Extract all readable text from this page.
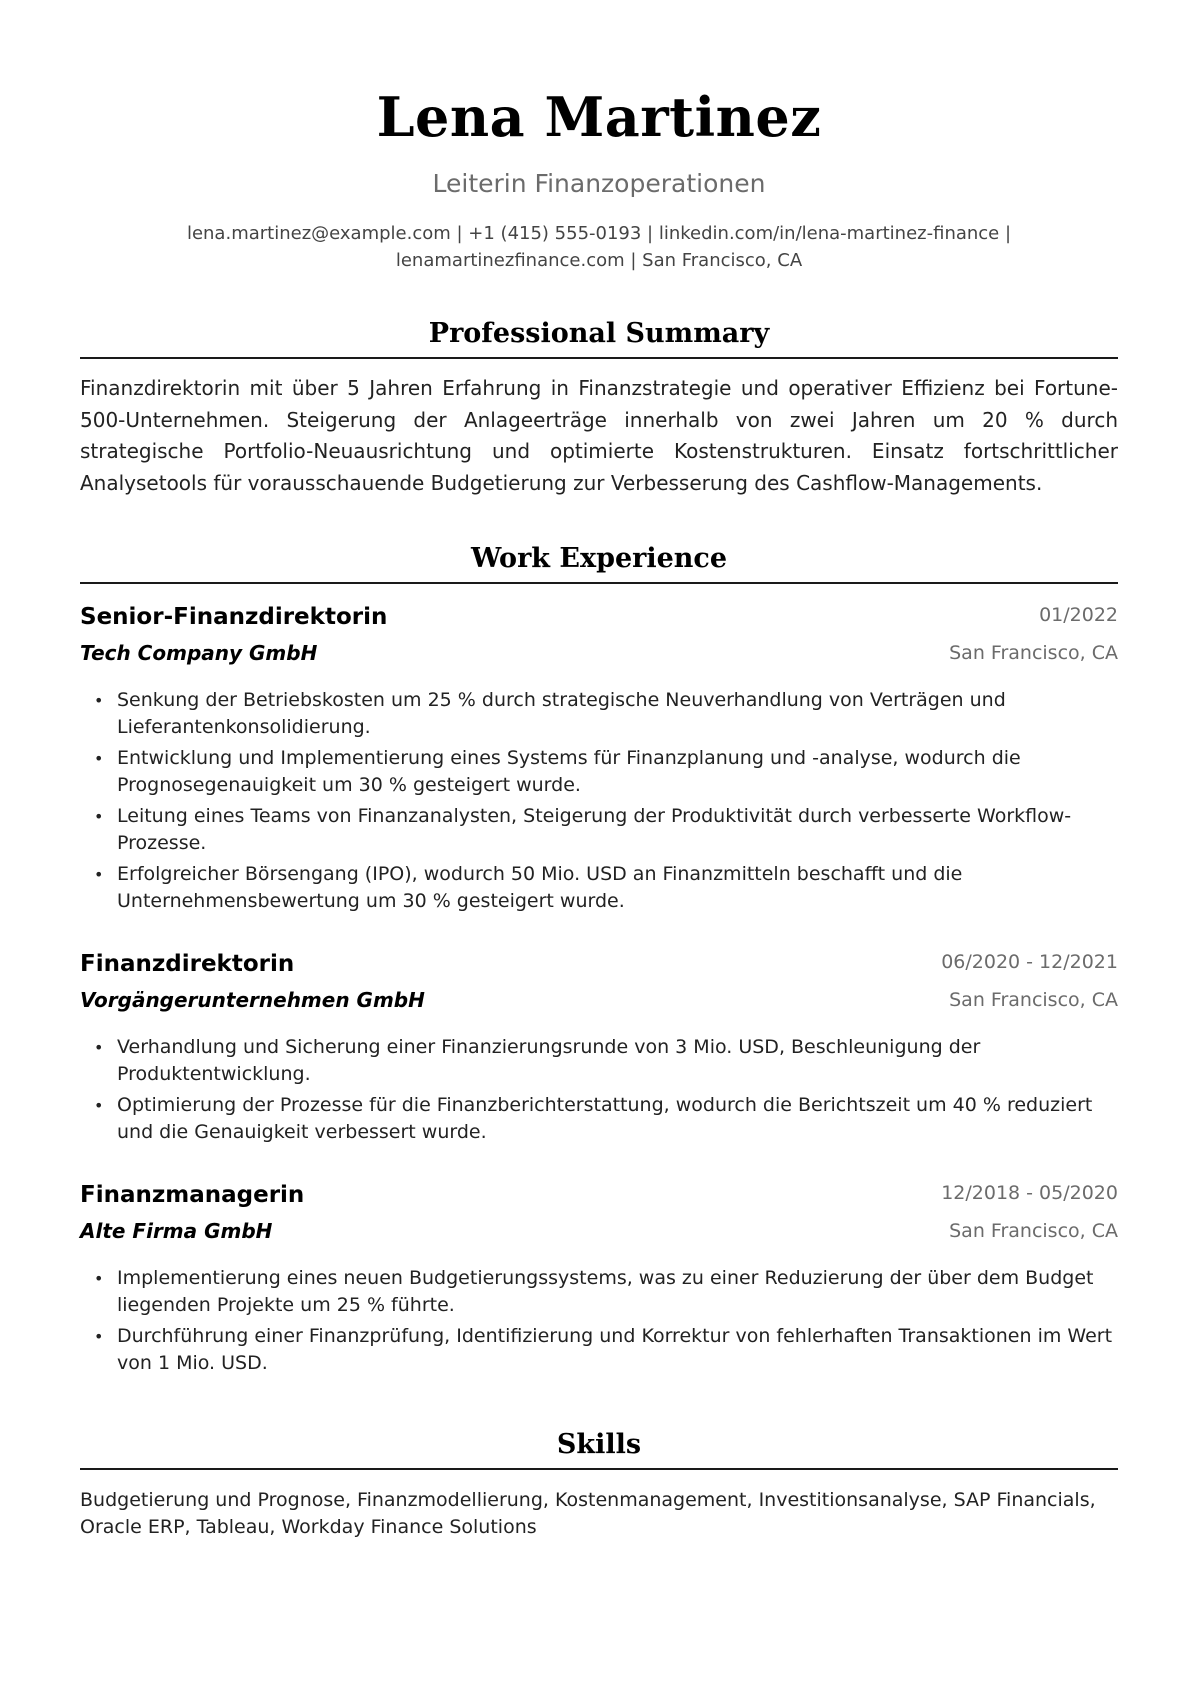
Lena Martinez
Leiterin Finanzoperationen
lena.martinez@example.com | +1 (415) 555-0193 | linkedin.com/in/lena-martinez-finance |
lenamartinezfinance.com | San Francisco, CA
Professional Summary
Finanzdirektorin mit über 5 Jahren Erfahrung in Finanzstrategie und operativer Effizienz bei Fortune-500-Unternehmen. Steigerung der Anlageerträge innerhalb von zwei Jahren um 20 % durch strategische Portfolio-Neuausrichtung und optimierte Kostenstrukturen. Einsatz fortschrittlicher Analysetools für vorausschauende Budgetierung zur Verbesserung des Cashflow-Managements.
Work Experience
Senior-Finanzdirektorin	01/2022
Tech Company GmbH	San Francisco, CA
• Senkung der Betriebskosten um 25 % durch strategische Neuverhandlung von Verträgen und Lieferantenkonsolidierung.
• Entwicklung und Implementierung eines Systems für Finanzplanung und -analyse, wodurch die Prognosegenauigkeit um 30 % gesteigert wurde.
• Leitung eines Teams von Finanzanalysten, Steigerung der Produktivität durch verbesserte Workflow-Prozesse.
• Erfolgreicher Börsengang (IPO), wodurch 50 Mio. USD an Finanzmitteln beschafft und die Unternehmensbewertung um 30 % gesteigert wurde.
Finanzdirektorin	06/2020 - 12/2021
Vorgängerunternehmen GmbH	San Francisco, CA
• Verhandlung und Sicherung einer Finanzierungsrunde von 3 Mio. USD, Beschleunigung der Produktentwicklung.
• Optimierung der Prozesse für die Finanzberichterstattung, wodurch die Berichtszeit um 40 % reduziert und die Genauigkeit verbessert wurde.
Finanzmanagerin	12/2018 - 05/2020
Alte Firma GmbH	San Francisco, CA
• Implementierung eines neuen Budgetierungssystems, was zu einer Reduzierung der über dem Budget liegenden Projekte um 25 % führte.
• Durchführung einer Finanzprüfung, Identifizierung und Korrektur von fehlerhaften Transaktionen im Wert von 1 Mio. USD.
Skills
Budgetierung und Prognose, Finanzmodellierung, Kostenmanagement, Investitionsanalyse, SAP Financials, Oracle ERP, Tableau, Workday Finance Solutions
